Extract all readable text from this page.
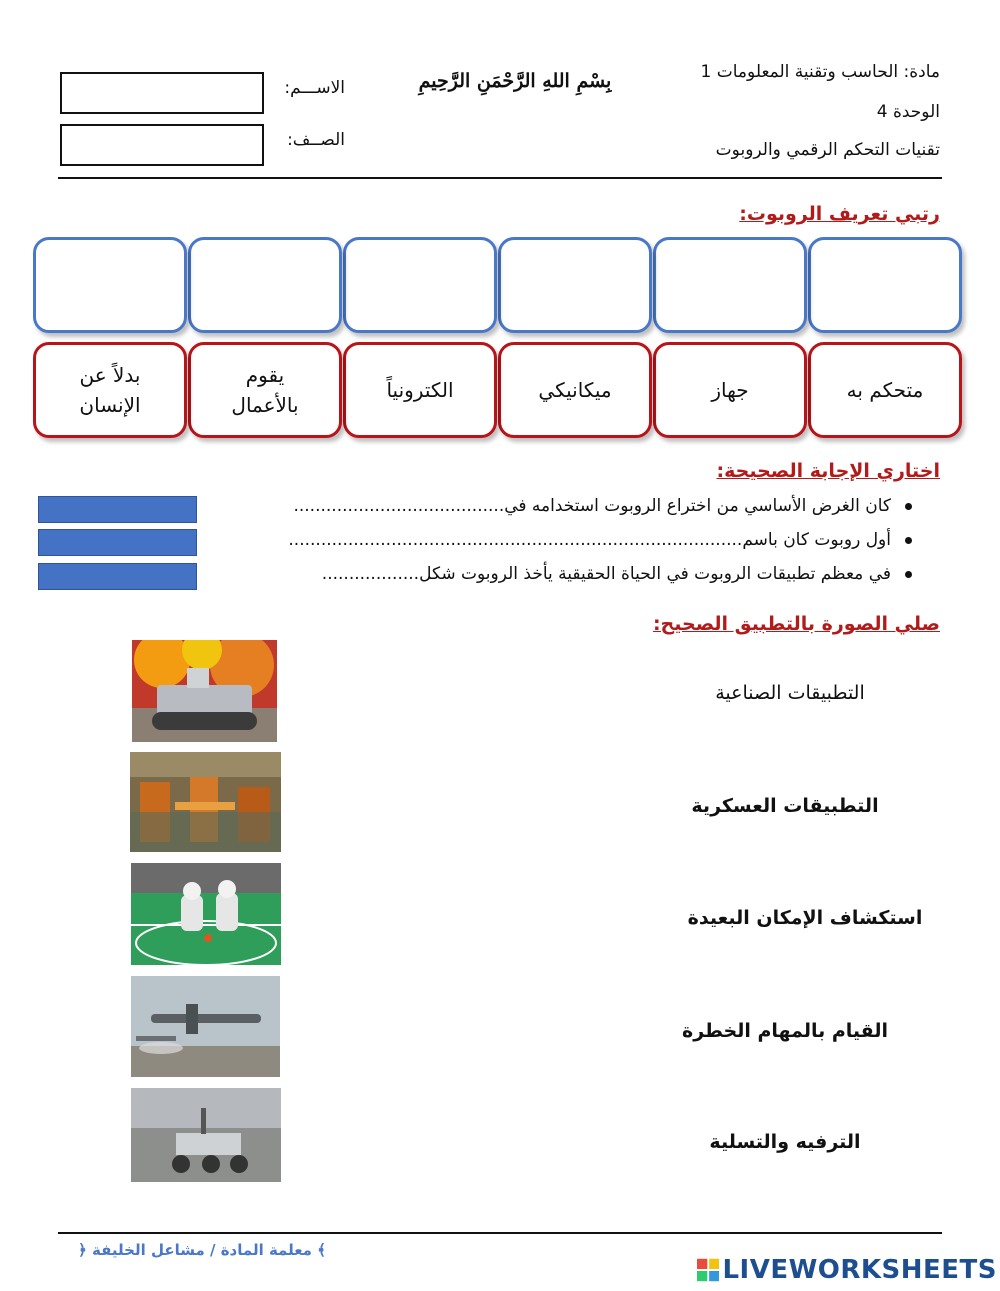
مادة: الحاسب وتقنية المعلومات 1
الوحدة 4
تقنيات التحكم الرقمي والروبوت
بِسْمِ اللهِ الرَّحْمَنِ الرَّحِيمِ
الاســـم:
الصــف:
رتبي تعريف الروبوت:
متحكم به
جهاز
ميكانيكي
الكترونياً
يقوم بالأعمال
بدلاً عن الإنسان
اختاري الإجابة الصحيحة:
كان الغرض الأساسي من اختراع الروبوت استخدامه في.......................................
أول روبوت كان باسم....................................................................................
في معظم تطبيقات الروبوت في الحياة الحقيقية يأخذ الروبوت شكل..................
صلي الصورة بالتطبيق الصحيح:
التطبيقات الصناعية
التطبيقات العسكرية
استكشاف الإمكان البعيدة
القيام بالمهام الخطرة
الترفيه والتسلية
﴾ معلمة المادة / مشاعل الخليفة ﴿
LIVEWORKSHEETS
